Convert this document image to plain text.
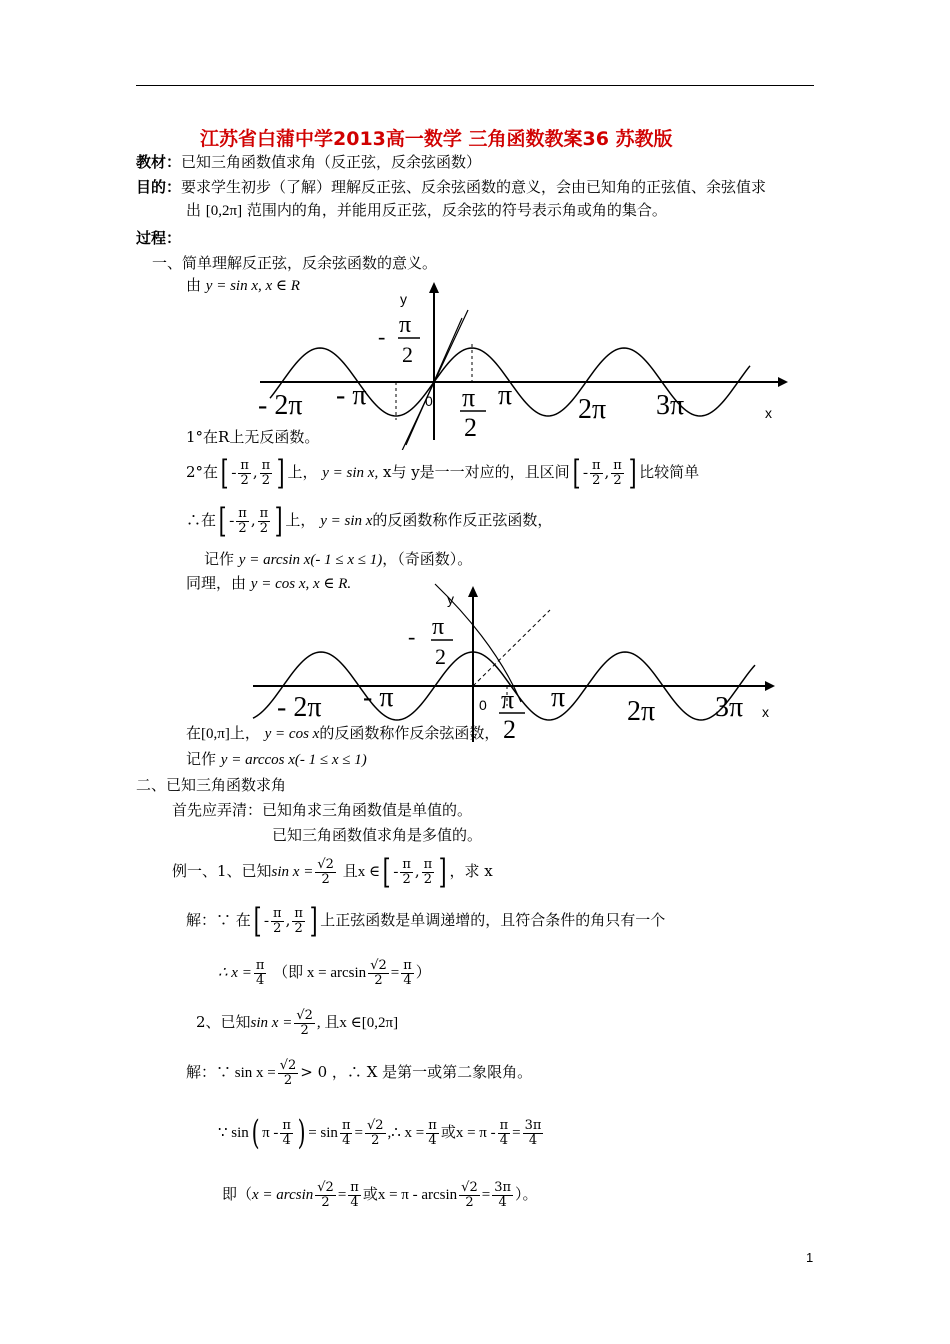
江苏省白蒲中学2013高一数学 三角函数教案36 苏教版
教材：已知三角函数值求角（反正弦，反余弦函数）
目的：要求学生初步（了解）理解反正弦、反余弦函数的意义，会由已知角的正弦值、余弦值求
出 [0,2π] 范围内的角，并能用反正弦，反余弦的符号表示角或角的集合。
过程：
一、简单理解反正弦，反余弦函数的意义。
由 y = sin x, x ∈ R
y
x
0
- π
2
- 2π - π	π
2
π 2π 3π
1°在R上无反函数。
2°在[ - $\frac{\pi}{2}$ , $\frac{\pi}{2}$ ] 上， y = sin x, x与 y是一一对应的，且区间[ - $\frac{\pi}{2}$ , $\frac{\pi}{2}$ ] 比较简单
∴在[ - $\frac{\pi}{2}$ , $\frac{\pi}{2}$ ] 上， y = sin x的反函数称作反正弦函数，
记作 y = arcsin x(- 1 ≤ x ≤ 1)，（奇函数）。
同理，由 y = cos x, x ∈ R.
y
x
0
- π
2
- 2π - π	π
2
π 2π 3π
在[0,π]上， y = cos x的反函数称作反余弦函数，
记作 y = arccos x(- 1 ≤ x ≤ 1)
二、已知三角函数求角
首先应弄清：已知角求三角函数值是单值的。
已知三角函数值求角是多值的。
例一、1、已知$\sin x = \frac{√2}{2}$ 且x ∈[ - $\frac{\pi}{2}$ , $\frac{\pi}{2}$ ] ，求 x
解：∵ 在[ - $\frac{\pi}{2}$ , $\frac{\pi}{2}$ ] 上正弦函数是单调递增的，且符合条件的角只有一个
∴ $x = \frac{\pi}{4}$ （即 $x = \arcsin \frac{√2}{2} = \frac{\pi}{4}$ ）
2、已知$\sin x = \frac{√2}{2}$ , 且x ∈[0,2π]
解：∵ $\sin x = \frac{√2}{2} > 0$ ，∴ X 是第一或第二象限角。
∵ sin( π - $\frac{\pi}{4}$ ) = $\sin \frac{\pi}{4} = \frac{√2}{2}$ ,∴ $x = \frac{\pi}{4}$ 或$x = \pi - \frac{\pi}{4} = \frac{3\pi}{4}$
即（$x = \arcsin \frac{√2}{2} = \frac{\pi}{4}$ 或$x = \pi - \arcsin \frac{√2}{2} = \frac{3\pi}{4}$ ）。
1
